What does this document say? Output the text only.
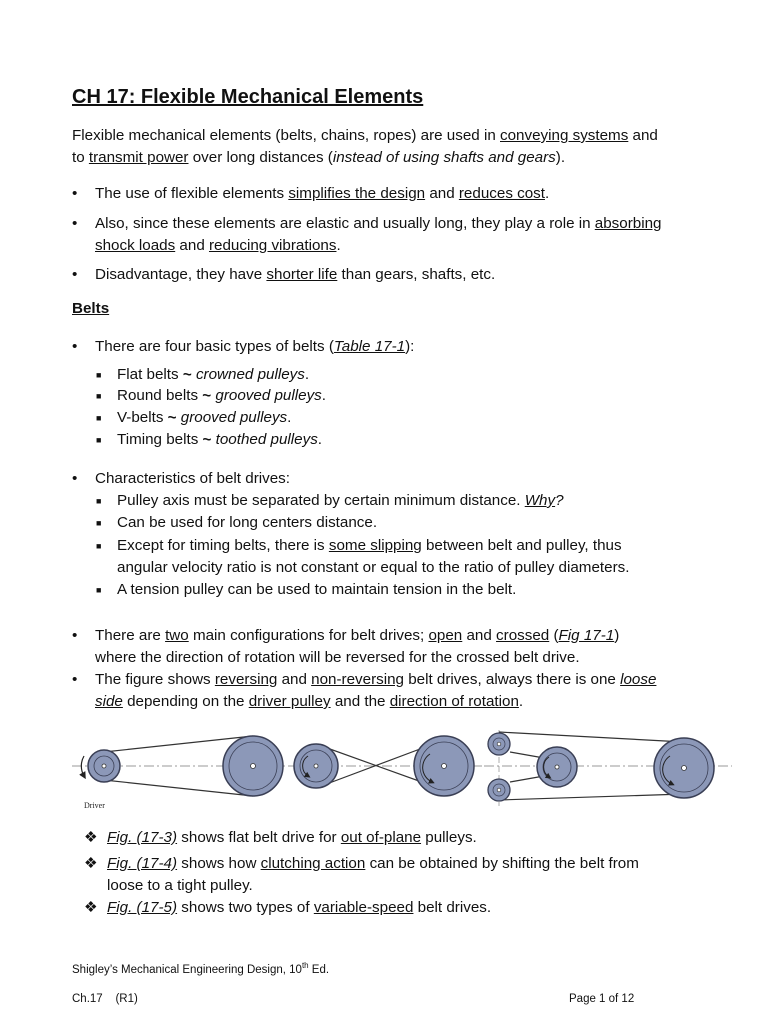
CH 17: Flexible Mechanical Elements
Flexible mechanical elements (belts, chains, ropes) are used in conveying systems and
to transmit power over long distances (instead of using shafts and gears).
•	The use of flexible elements simplifies the design and reduces cost.
•	Also, since these elements are elastic and usually long, they play a role in absorbing
shock loads and reducing vibrations.
•	Disadvantage, they have shorter life than gears, shafts, etc.
Belts
•	There are four basic types of belts (Table 17-1):
■	Flat belts ~ crowned pulleys.
■	Round belts ~ grooved pulleys.
■	V-belts ~ grooved pulleys.
■	Timing belts ~ toothed pulleys.
•	Characteristics of belt drives:
■	Pulley axis must be separated by certain minimum distance. Why?
■	Can be used for long centers distance.
■	Except for timing belts, there is some slipping between belt and pulley, thus
angular velocity ratio is not constant or equal to the ratio of pulley diameters.
■	A tension pulley can be used to maintain tension in the belt.
•	There are two main configurations for belt drives; open and crossed (Fig 17-1)
where the direction of rotation will be reversed for the crossed belt drive.
•	The figure shows reversing and non-reversing belt drives, always there is one loose
side depending on the driver pulley and the direction of rotation.
Driver
❖ Fig. (17-3) shows flat belt drive for out of-plane pulleys.
❖ Fig. (17-4) shows how clutching action can be obtained by shifting the belt from
loose to a tight pulley.
❖ Fig. (17-5) shows two types of variable-speed belt drives.
Shigley’s Mechanical Engineering Design, 10th Ed.
Ch.17    (R1)	Page 1 of 12
